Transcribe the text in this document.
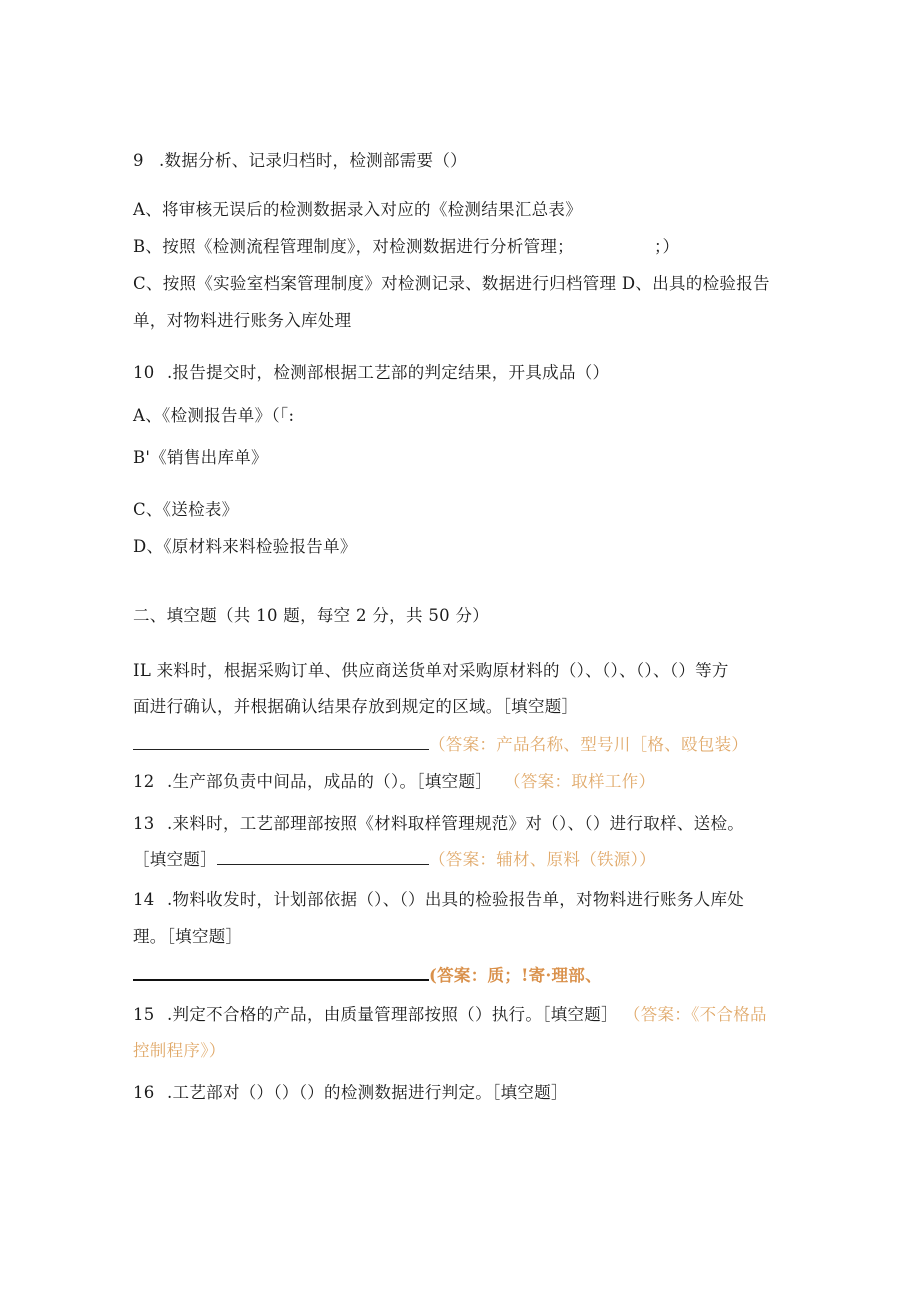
9 .数据分析、记录归档时，检测部需要（）
A、将审核无误后的检测数据录入对应的《检测结果汇总表》
B、按照《检测流程管理制度》，对检测数据进行分析管理；	；）
C、按照《实验室档案管理制度》对检测记录、数据进行归档管理 D、出具的检验报告
单，对物料进行账务入库处理
10 .报告提交时，检测部根据工艺部的判定结果，开具成品（）
A、《检测报告单》（「:
B'《销售出库单》
C、《送检表》
D、《原材料来料检验报告单》
二、填空题（共 10 题，每空 2 分，共 50 分）
IL 来料时，根据采购订单、供应商送货单对采购原材料的（）、（）、（）、（）等方
面进行确认，并根据确认结果存放到规定的区域。［填空题］
（答案：产品名称、型号川［格、殴包装）
12 .生产部负责中间品，成品的（）。［填空题］ （答案：取样工作）
13 .来料时，工艺部理部按照《材料取样管理规范》对（）、（）进行取样、送检。
［填空题］	（答案：辅材、原料（铁源））
14 .物料收发时，计划部依据（）、（）出具的检验报告单，对物料进行账务人库处
理。［填空题］
(答案：质；!寄·理部、
15 .判定不合格的产品，由质量管理部按照（）执行。［填空题］ （答案：《不合格品
控制程序》）
16 .工艺部对（）（）（）的检测数据进行判定。［填空题］
